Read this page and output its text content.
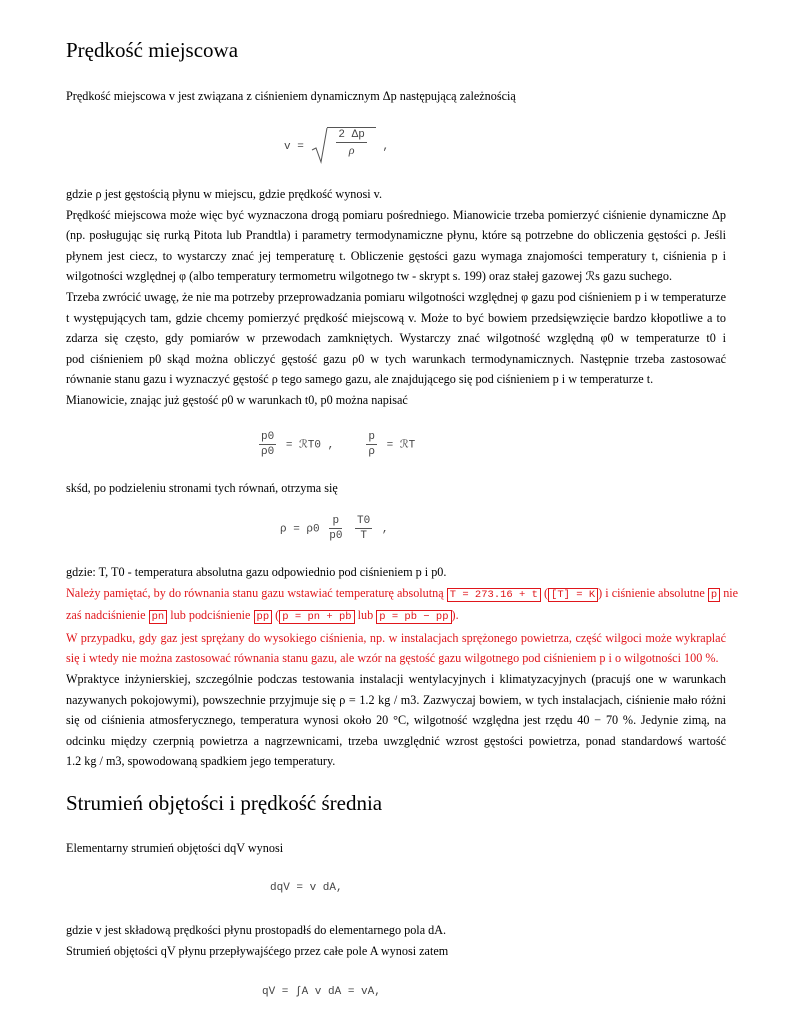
Prędkość miejscowa

Prędkość miejscowa v jest związana z ciśnieniem dynamicznym Δp następującą zależnością

v =	$\frac{2 \Delta p}{\rho}$ ,

gdzie ρ jest gęstością płynu w miejscu, gdzie prędkość wynosi v.
Prędkość miejscowa może więc być wyznaczona drogą pomiaru pośredniego. Mianowicie trzeba pomierzyć ciśnienie dynamiczne Δp
(np. posługując się rurką Pitota lub Prandtla) i parametry termodynamiczne płynu, które są potrzebne do obliczenia gęstości ρ. Jeśli
płynem jest ciecz, to wystarczy znać jej temperaturę t. Obliczenie gęstości gazu wymaga znajomości temperatury t, ciśnienia p i
wilgotności względnej φ (albo temperatury termometru wilgotnego tw - skrypt s. 199) oraz stałej gazowej ℛs gazu suchego.
Trzeba zwrócić uwagę, że nie ma potrzeby przeprowadzania pomiaru wilgotności względnej φ gazu pod ciśnieniem p i w temperaturze
t występujących tam, gdzie chcemy pomierzyć prędkość miejscową v. Może to być bowiem przedsięwzięcie bardzo kłopotliwe a to
zdarza się często, gdy pomiarów w przewodach zamkniętych. Wystarczy znać wilgotność względną φ0 w temperaturze t0 i
pod ciśnieniem p0 skąd można obliczyć gęstość gazu ρ0 w tych warunkach termodynamicznych. Następnie trzeba zastosować
równanie stanu gazu i wyznaczyć gęstość ρ tego samego gazu, ale znajdującego się pod ciśnieniem p i w temperaturze t.
Mianowicie, znając już gęstość ρ0 w warunkach t0, p0 można napisać

$\frac{p0}{\rho 0}$ = ℛT0 ,	$\frac{p}{\rho}$ = ℛT

skśd, po podzieleniu stronami tych równań, otrzyma się

$\rho = \rho 0 \frac{p}{p0}$
$\frac{T0}{T}$ ,

gdzie: T, T0 - temperatura absolutna gazu odpowiednio pod ciśnieniem p i p0.
Należy pamiętać, by do równania stanu gazu wstawiać temperaturę absolutną T = 273.16 + t ( [T] = K ) i ciśnienie absolutne p nie
zaś nadciśnienie pn lub podciśnienie pp ( p = pn + pb lub p = pb − pp ).
W przypadku, gdy gaz jest sprężany do wysokiego ciśnienia, np. w instalacjach sprężonego powietrza, część wilgoci może wykraplać
się i wtedy nie można zastosować równania stanu gazu, ale wzór na gęstość gazu wilgotnego pod ciśnieniem p i o wilgotności 100 %.
Wpraktyce inżynierskiej, szczególnie podczas testowania instalacji wentylacyjnych i klimatyzacyjnych (pracujś one w warunkach
nazywanych pokojowymi), powszechnie przyjmuje się ρ = 1.2 kg / m3. Zazwyczaj bowiem, w tych instalacjach, ciśnienie mało różni
się od ciśnienia atmosferycznego, temperatura wynosi około 20 °C, wilgotność względna jest rzędu 40 − 70 %. Jedynie zimą, na
odcinku między czerpnią powietrza a nagrzewnicami, trzeba uwzględnić wzrost gęstości powietrza, ponad standardowś wartość
1.2 kg / m3, spowodowaną spadkiem jego temperatury.

Strumień objętości i prędkość średnia

Elementarny strumień objętości dqV wynosi

dqV = v dA,

gdzie v jest składową prędkości płynu prostopadłś do elementarnego pola dA.
Strumień objętości qV płynu przepływajśćego przez całe pole A wynosi zatem

qV = ∫A v dA = vA,
